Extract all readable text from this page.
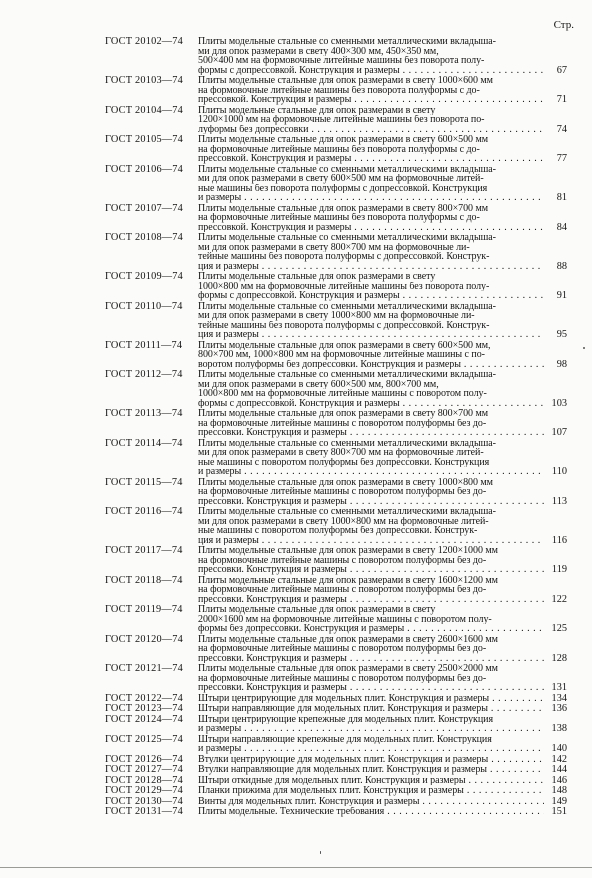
Стр.
ГОСТ 20102—74	Плиты модельные стальные со сменными металлическими вкладыша-
ми для опок размерами в свету 400×300 мм, 450×350 мм,
500×400 мм на формовочные литейные машины без поворота полу-
формы с допрессовкой. Конструкция и размеры . . .	67
ГОСТ 20103—74	Плиты модельные стальные для опок размерами в свету 1000×600 мм
на формовочные литейные машины без поворота полуформы с до-
прессовкой. Конструкция и размеры . . .	71
ГОСТ 20104—74	Плиты модельные стальные для опок размерами в свету
1200×1000 мм на формовочные литейные машины без поворота по-
луформы без допрессовки . . .	74
ГОСТ 20105—74	Плиты модельные стальные для опок размерами в свету 600×500 мм
на формовочные литейные машины без поворота полуформы с до-
прессовкой. Конструкция и размеры . . .	77
ГОСТ 20106—74	Плиты модельные стальные со сменными металлическими вкладыша-
ми для опок размерами в свету 600×500 мм на формовочные литей-
ные машины без поворота полуформы с допрессовкой. Конструкция
и размеры . . .	81
ГОСТ 20107—74	Плиты модельные стальные для опок размерами в свету 800×700 мм
на формовочные литейные машины без поворота полуформы с до-
прессовкой. Конструкция и размеры . . .	84
ГОСТ 20108—74	Плиты модельные стальные со сменными металлическими вкладыша-
ми для опок размерами в свету 800×700 мм на формовочные ли-
тейные машины без поворота полуформы с допрессовкой. Конструк-
ция и размеры . . .	88
ГОСТ 20109—74	Плиты модельные стальные для опок размерами в свету
1000×800 мм на формовочные литейные машины без поворота полу-
формы с допрессовкой. Конструкция и размеры . . .	91
ГОСТ 20110—74	Плиты модельные стальные со сменными металлическими вкладыша-
ми для опок размерами в свету 1000×800 мм на формовочные ли-
тейные машины без поворота полуформы с допрессовкой. Конструк-
ция и размеры . . .	95
ГОСТ 20111—74	Плиты модельные стальные для опок размерами в свету 600×500 мм,
800×700 мм, 1000×800 мм на формовочные литейные машины с по-
воротом полуформы без допрессовки. Конструкция и размеры . . .	98
ГОСТ 20112—74	Плиты модельные стальные со сменными металлическими вкладыша-
ми для опок размерами в свету 600×500 мм, 800×700 мм,
1000×800 мм на формовочные литейные машины с поворотом полу-
формы с допрессовкой. Конструкция и размеры . . .	103
ГОСТ 20113—74	Плиты модельные стальные для опок размерами в свету 800×700 мм
на формовочные литейные машины с поворотом полуформы без до-
прессовки. Конструкция и размеры . . .	107
ГОСТ 20114—74	Плиты модельные стальные со сменными металлическими вкладыша-
ми для опок размерами в свету 800×700 мм на формовочные литей-
ные машины с поворотом полуформы без допрессовки. Конструкция
и размеры . . .	110
ГОСТ 20115—74	Плиты модельные стальные для опок размерами в свету 1000×800 мм
на формовочные литейные машины с поворотом полуформы без до-
прессовки. Конструкция и размеры . . .	113
ГОСТ 20116—74	Плиты модельные стальные со сменными металлическими вкладыша-
ми для опок размерами в свету 1000×800 мм на формовочные литей-
ные машины с поворотом полуформы без допрессовки. Конструк-
ция и размеры . . .	116
ГОСТ 20117—74	Плиты модельные стальные для опок размерами в свету 1200×1000 мм
на формовочные литейные машины с поворотом полуформы без до-
прессовки. Конструкция и размеры . . .	119
ГОСТ 20118—74	Плиты модельные стальные для опок размерами в свету 1600×1200 мм
на формовочные литейные машины с поворотом полуформы без до-
прессовки. Конструкция и размеры . . .	122
ГОСТ 20119—74	Плиты модельные стальные для опок размерами в свету
2000×1600 мм на формовочные литейные машины с поворотом полу-
формы без допрессовки. Конструкция и размеры . . .	125
ГОСТ 20120—74	Плиты модельные стальные для опок размерами в свету 2600×1600 мм
на формовочные литейные машины с поворотом полуформы без до-
прессовки. Конструкция и размеры . . .	128
ГОСТ 20121—74	Плиты модельные стальные для опок размерами в свету 2500×2000 мм
на формовочные литейные машины с поворотом полуформы без до-
прессовки. Конструкция и размеры . . .	131
ГОСТ 20122—74	Штыри центрирующие для модельных плит. Конструкция и размеры . . .	134
ГОСТ 20123—74	Штыри направляющие для модельных плит. Конструкция и размеры . . .	136
ГОСТ 20124—74	Штыри центрирующие крепежные для модельных плит. Конструкция
и размеры . . .	138
ГОСТ 20125—74	Штыри направляющие крепежные для модельных плит. Конструкция
и размеры . . .	140
ГОСТ 20126—74	Втулки центрирующие для модельных плит. Конструкция и размеры . . .	142
ГОСТ 20127—74	Втулки направляющие для модельных плит. Конструкция и размеры . . .	144
ГОСТ 20128—74	Штыри откидные для модельных плит. Конструкция и размеры . . .	146
ГОСТ 20129—74	Планки прижима для модельных плит. Конструкция и размеры . . .	148
ГОСТ 20130—74	Винты для модельных плит. Конструкция и размеры . . .	149
ГОСТ 20131—74	Плиты модельные. Технические требования . . .	151
